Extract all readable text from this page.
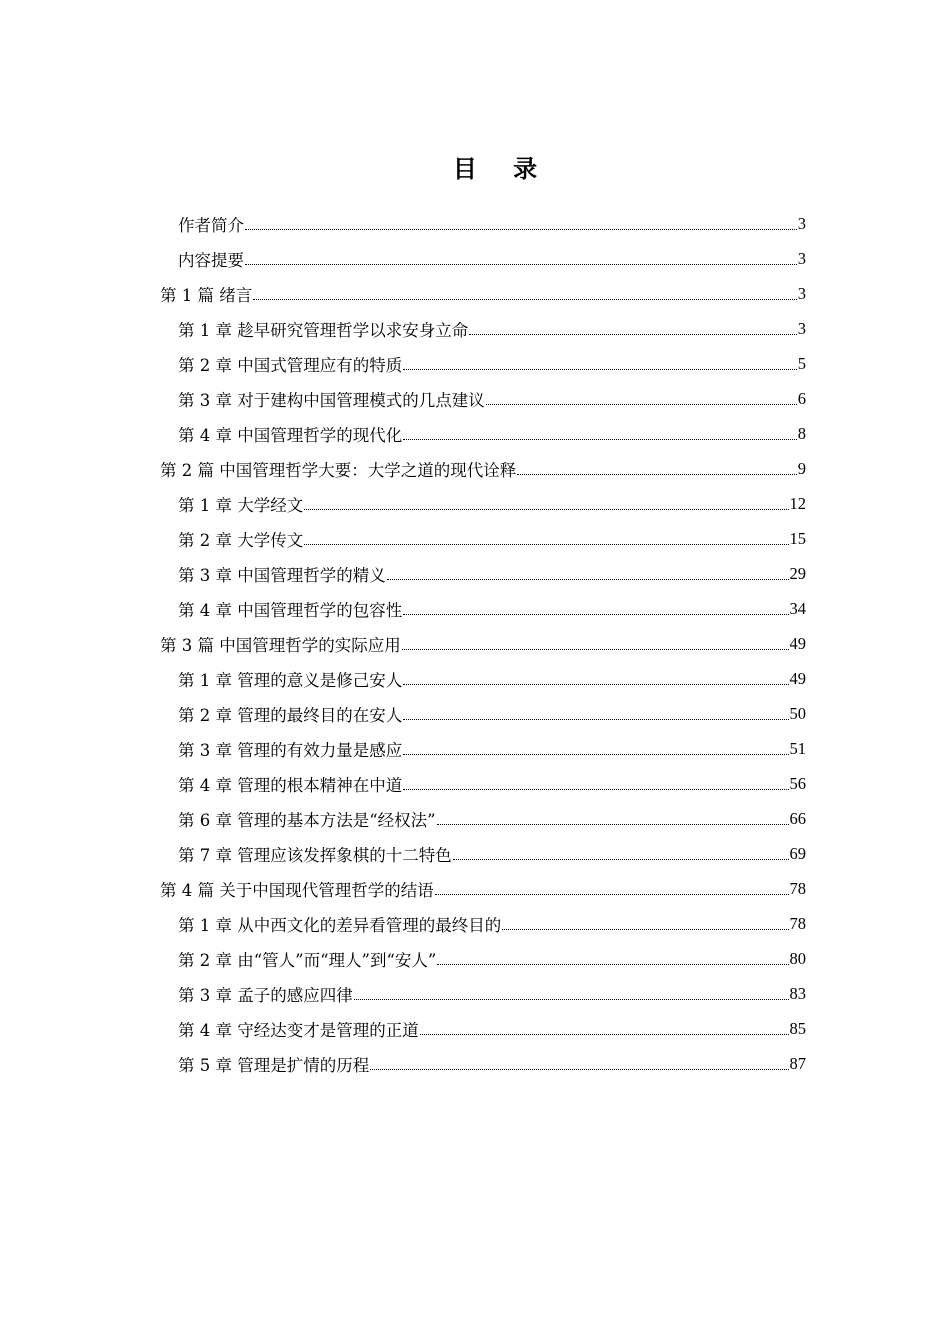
目 录
作者简介	3
内容提要	3
第 1 篇 绪言	3
第 1 章 趁早研究管理哲学以求安身立命	3
第 2 章 中国式管理应有的特质	5
第 3 章 对于建构中国管理模式的几点建议	6
第 4 章 中国管理哲学的现代化	8
第 2 篇 中国管理哲学大要：大学之道的现代诠释	9
第 1 章 大学经文	12
第 2 章 大学传文	15
第 3 章 中国管理哲学的精义	29
第 4 章 中国管理哲学的包容性	34
第 3 篇 中国管理哲学的实际应用	49
第 1 章 管理的意义是修己安人	49
第 2 章 管理的最终目的在安人	50
第 3 章 管理的有效力量是感应	51
第 4 章 管理的根本精神在中道	56
第 6 章 管理的基本方法是“经权法”	66
第 7 章 管理应该发挥象棋的十二特色	69
第 4 篇 关于中国现代管理哲学的结语	78
第 1 章 从中西文化的差异看管理的最终目的	78
第 2 章 由“管人”而“理人”到“安人”	80
第 3 章 孟子的感应四律	83
第 4 章 守经达变才是管理的正道	85
第 5 章 管理是扩情的历程	87
